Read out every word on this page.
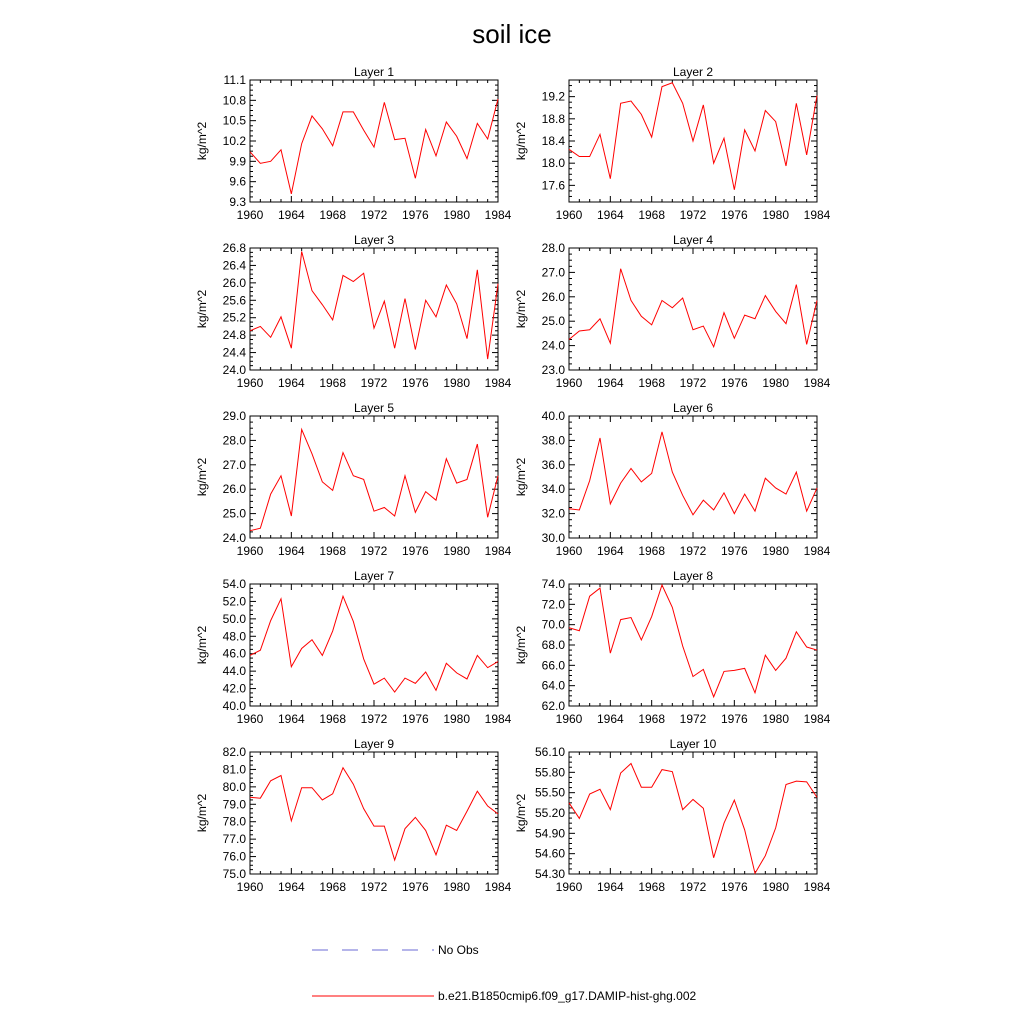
soil ice
Layer 1
1960 1964 1968 1972 1976 1980 1984
9.3
9.6
9.9
10.2
10.5
10.8
11.1
kg/m^2
Layer 2
1960 1964 1968 1972 1976 1980 1984
17.6
18.0
18.4
18.8
19.2
kg/m^2
Layer 3
1960 1964 1968 1972 1976 1980 1984
24.0
24.4
24.8
25.2
25.6
26.0
26.4
26.8
kg/m^2
Layer 4
1960 1964 1968 1972 1976 1980 1984
23.0
24.0
25.0
26.0
27.0
28.0
kg/m^2
Layer 5
1960 1964 1968 1972 1976 1980 1984
24.0
25.0
26.0
27.0
28.0
29.0
kg/m^2
Layer 6
1960 1964 1968 1972 1976 1980 1984
30.0
32.0
34.0
36.0
38.0
40.0
kg/m^2
Layer 7
1960 1964 1968 1972 1976 1980 1984
40.0
42.0
44.0
46.0
48.0
50.0
52.0
54.0
kg/m^2
Layer 8
1960 1964 1968 1972 1976 1980 1984
62.0
64.0
66.0
68.0
70.0
72.0
74.0
kg/m^2
Layer 9
1960 1964 1968 1972 1976 1980 1984
75.0
76.0
77.0
78.0
79.0
80.0
81.0
82.0
kg/m^2
Layer 10
1960 1964 1968 1972 1976 1980 1984
54.30
54.60
54.90
55.20
55.50
55.80
56.10
kg/m^2
No Obs
b.e21.B1850cmip6.f09_g17.DAMIP-hist-ghg.002
